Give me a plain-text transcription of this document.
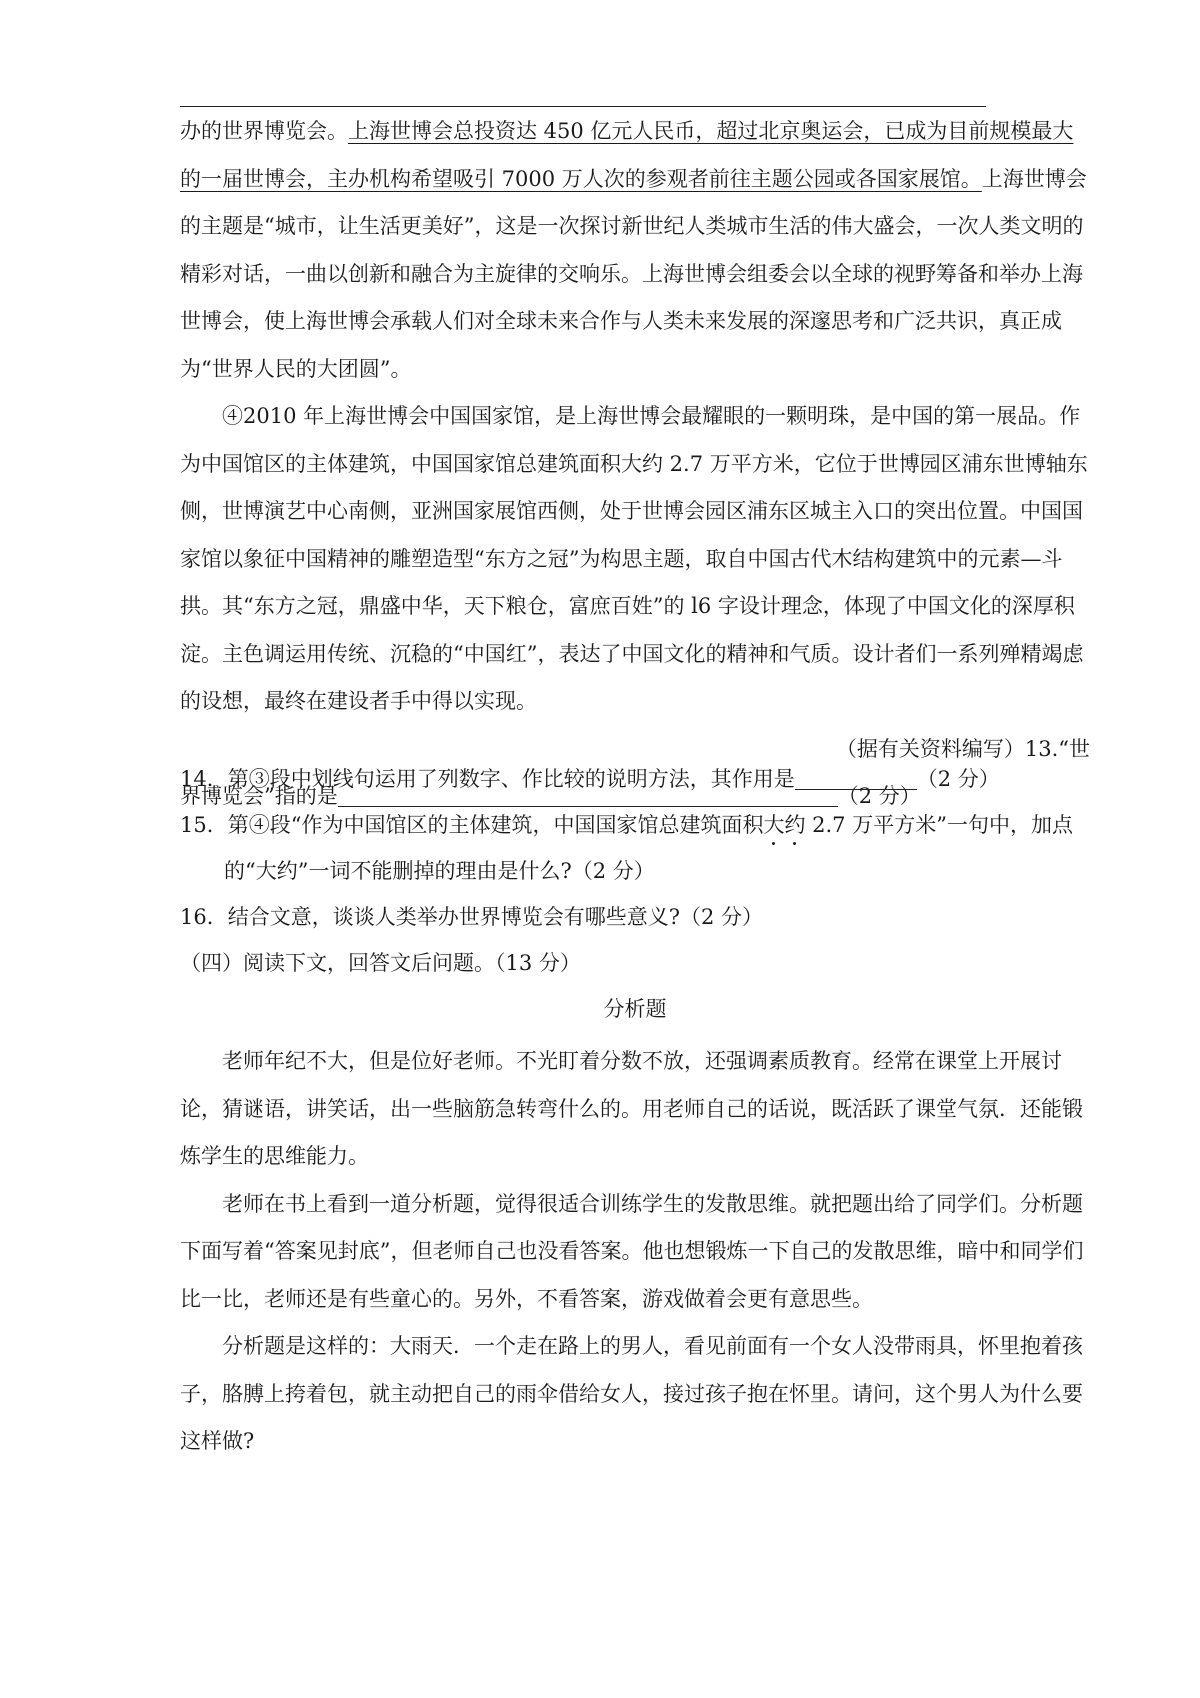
办的世界博览会。上海世博会总投资达 450 亿元人民币，超过北京奥运会，已成为目前规模最大的一届世博会，主办机构希望吸引 7000 万人次的参观者前往主题公园或各国家展馆。上海世博会的主题是“城市，让生活更美好”，这是一次探讨新世纪人类城市生活的伟大盛会，一次人类文明的精彩对话，一曲以创新和融合为主旋律的交响乐。上海世博会组委会以全球的视野筹备和举办上海世博会，使上海世博会承载人们对全球未来合作与人类未来发展的深邃思考和广泛共识，真正成为“世界人民的大团圆”。

④2010 年上海世博会中国国家馆，是上海世博会最耀眼的一颗明珠，是中国的第一展品。作为中国馆区的主体建筑，中国国家馆总建筑面积大约 2.7 万平方米，它位于世博园区浦东世博轴东侧，世博演艺中心南侧，亚洲国家展馆西侧，处于世博会园区浦东区城主入口的突出位置。中国国家馆以象征中国精神的雕塑造型“东方之冠”为构思主题，取自中国古代木结构建筑中的元素—斗拱。其“东方之冠，鼎盛中华，天下粮仓，富庶百姓”的 l6 字设计理念，体现了中国文化的深厚积淀。主色调运用传统、沉稳的“中国红”，表达了中国文化的精神和气质。设计者们一系列殚精竭虑的设想，最终在建设者手中得以实现。

（据有关资料编写）13.“世

界博览会”指的是	（2 分）

14．第③段中划线句运用了列数字、作比较的说明方法，其作用是	（2 分）

15．第④段“作为中国馆区的主体建筑，中国国家馆总建筑面积大约 2.7 万平方米”一句中，加点

的“大约”一词不能删掉的理由是什么?（2 分）

16．结合文意，谈谈人类举办世界博览会有哪些意义?（2 分）

（四）阅读下文，回答文后问题。（13 分）

分析题

老师年纪不大，但是位好老师。不光盯着分数不放，还强调素质教育。经常在课堂上开展讨论，猜谜语，讲笑话，出一些脑筋急转弯什么的。用老师自己的话说，既活跃了课堂气氛．还能锻炼学生的思维能力。

老师在书上看到一道分析题，觉得很适合训练学生的发散思维。就把题出给了同学们。分析题下面写着“答案见封底”，但老师自己也没看答案。他也想锻炼一下自己的发散思维，暗中和同学们比一比，老师还是有些童心的。另外，不看答案，游戏做着会更有意思些。

分析题是这样的：大雨天．一个走在路上的男人，看见前面有一个女人没带雨具，怀里抱着孩子，胳膊上挎着包，就主动把自己的雨伞借给女人，接过孩子抱在怀里。请问，这个男人为什么要这样做?
